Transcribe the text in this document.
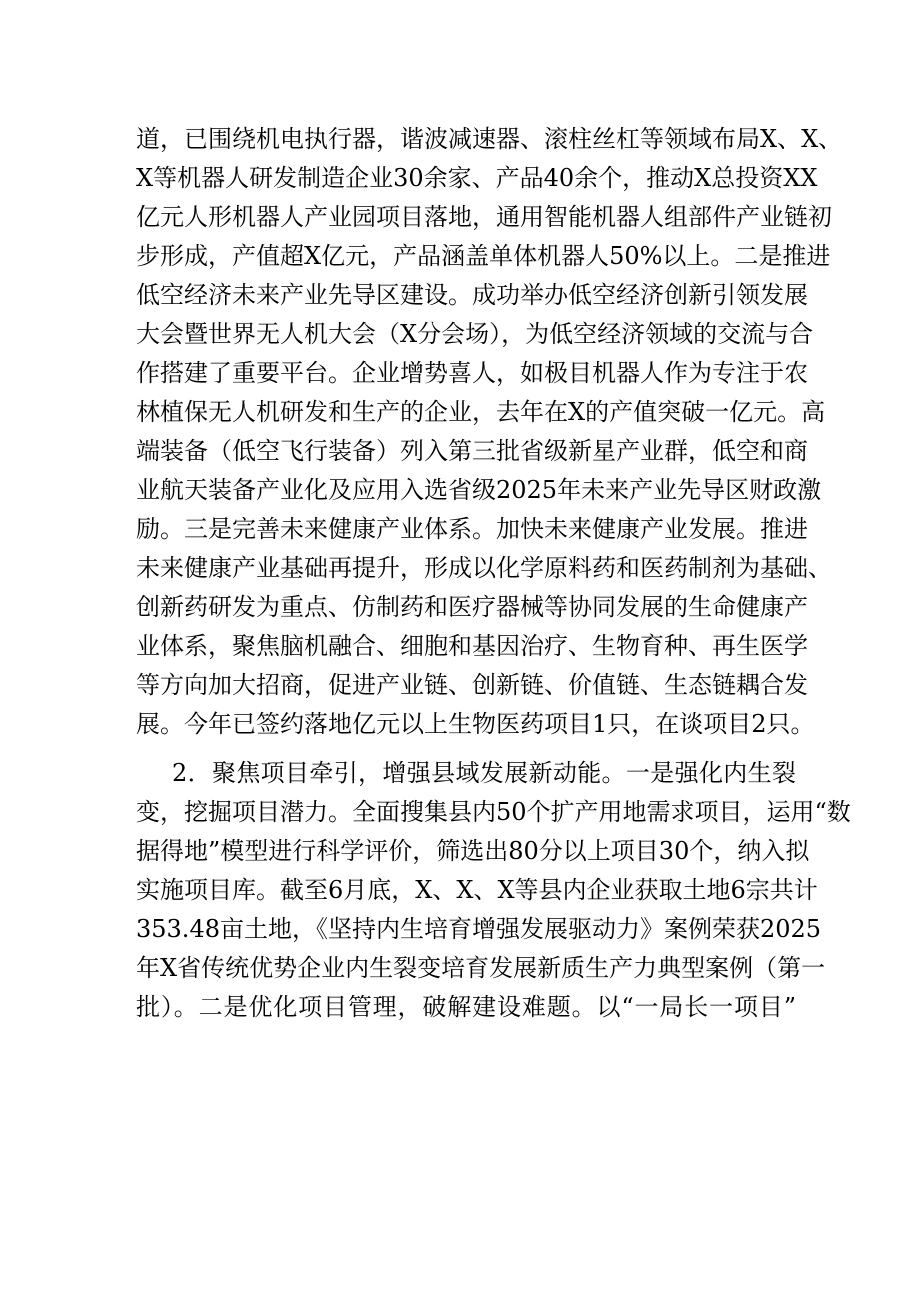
道，已围绕机电执行器，谐波减速器、滚柱丝杠等领域布局X、X、
X等机器人研发制造企业30余家、产品40余个，推动X总投资XX
亿元人形机器人产业园项目落地，通用智能机器人组部件产业链初
步形成，产值超X亿元，产品涵盖单体机器人50%以上。二是推进
低空经济未来产业先导区建设。成功举办低空经济创新引领发展
大会暨世界无人机大会（X分会场），为低空经济领域的交流与合
作搭建了重要平台。企业增势喜人，如极目机器人作为专注于农
林植保无人机研发和生产的企业，去年在X的产值突破一亿元。高
端装备（低空飞行装备）列入第三批省级新星产业群，低空和商
业航天装备产业化及应用入选省级2025年未来产业先导区财政激
励。三是完善未来健康产业体系。加快未来健康产业发展。推进
未来健康产业基础再提升，形成以化学原料药和医药制剂为基础、
创新药研发为重点、仿制药和医疗器械等协同发展的生命健康产
业体系，聚焦脑机融合、细胞和基因治疗、生物育种、再生医学
等方向加大招商，促进产业链、创新链、价值链、生态链耦合发
展。今年已签约落地亿元以上生物医药项目1只，在谈项目2只。
2．聚焦项目牵引，增强县域发展新动能。一是强化内生裂
变，挖掘项目潜力。全面搜集县内50个扩产用地需求项目，运用“数
据得地”模型进行科学评价，筛选出80分以上项目30个，纳入拟
实施项目库。截至6月底，X、X、X等县内企业获取土地6宗共计
353.48亩土地，《坚持内生培育增强发展驱动力》案例荣获2025
年X省传统优势企业内生裂变培育发展新质生产力典型案例（第一
批）。二是优化项目管理，破解建设难题。以“一局长一项目”
